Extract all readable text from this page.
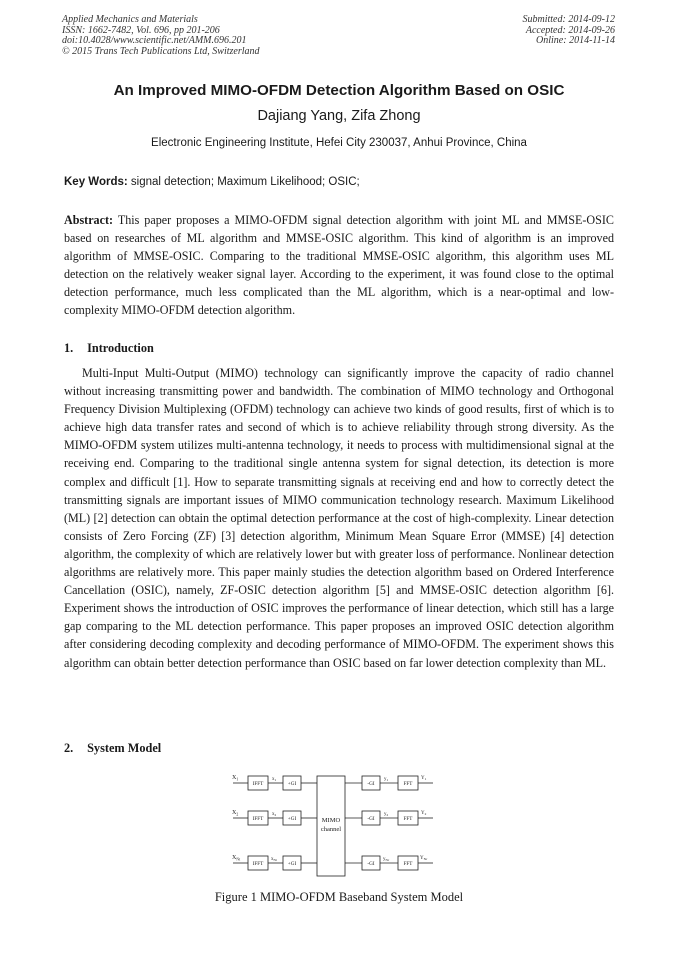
Applied Mechanics and Materials
ISSN: 1662-7482, Vol. 696, pp 201-206
doi:10.4028/www.scientific.net/AMM.696.201
© 2015 Trans Tech Publications Ltd, Switzerland
Submitted: 2014-09-12
Accepted: 2014-09-26
Online: 2014-11-14
An Improved MIMO-OFDM Detection Algorithm Based on OSIC
Dajiang Yang, Zifa Zhong
Electronic Engineering Institute, Hefei City 230037, Anhui Province, China
Key Words: signal detection; Maximum Likelihood; OSIC;
Abstract: This paper proposes a MIMO-OFDM signal detection algorithm with joint ML and MMSE-OSIC based on researches of ML algorithm and MMSE-OSIC algorithm. This kind of algorithm is an improved algorithm of MMSE-OSIC. Comparing to the traditional MMSE-OSIC algorithm, this algorithm uses ML detection on the relatively weaker signal layer. According to the experiment, it was found close to the optimal detection performance, much less complicated than the ML algorithm, which is a near-optimal and low-complexity MIMO-OFDM detection algorithm.
1. Introduction
Multi-Input Multi-Output (MIMO) technology can significantly improve the capacity of radio channel without increasing transmitting power and bandwidth. The combination of MIMO technology and Orthogonal Frequency Division Multiplexing (OFDM) technology can achieve two kinds of good results, first of which is to achieve high data transfer rates and second of which is to achieve reliability through strong diversity. As the MIMO-OFDM system utilizes multi-antenna technology, it needs to process with multidimensional signal at the receiving end. Comparing to the traditional single antenna system for signal detection, its detection is more complex and difficult [1]. How to separate transmitting signals at receiving end and how to correctly detect the transmitting signals are important issues of MIMO communication technology research. Maximum Likelihood (ML) [2] detection can obtain the optimal detection performance at the cost of high-complexity. Linear detection consists of Zero Forcing (ZF) [3] detection algorithm, Minimum Mean Square Error (MMSE) [4] detection algorithm, the complexity of which are relatively lower but with greater loss of performance. Nonlinear detection algorithms are relatively more. This paper mainly studies the detection algorithm based on Ordered Interference Cancellation (OSIC), namely, ZF-OSIC detection algorithm [5] and MMSE-OSIC detection algorithm [6]. Experiment shows the introduction of OSIC improves the performance of linear detection, which still has a large gap comparing to the ML detection performance. This paper proposes an improved OSIC detection algorithm after considering decoding complexity and decoding performance of MIMO-OFDM. The experiment shows this algorithm can obtain better detection performance than OSIC based on far lower detection complexity than ML.
2. System Model
IFFT	+GI	-GI	FFT
IFFT	+GI	-GI	FFT
IFFT	+GI	-GI	FFT
MIMO
channel
$X_1$	$x_1$	$y_1$	$Y_1$
$X_2$	$x_2$	$y_2$	$Y_2$
$X_{Nt}$	$x_{Nt}$	$y_{Nr}$	$Y_{Nr}$
Figure 1 MIMO-OFDM Baseband System Model
